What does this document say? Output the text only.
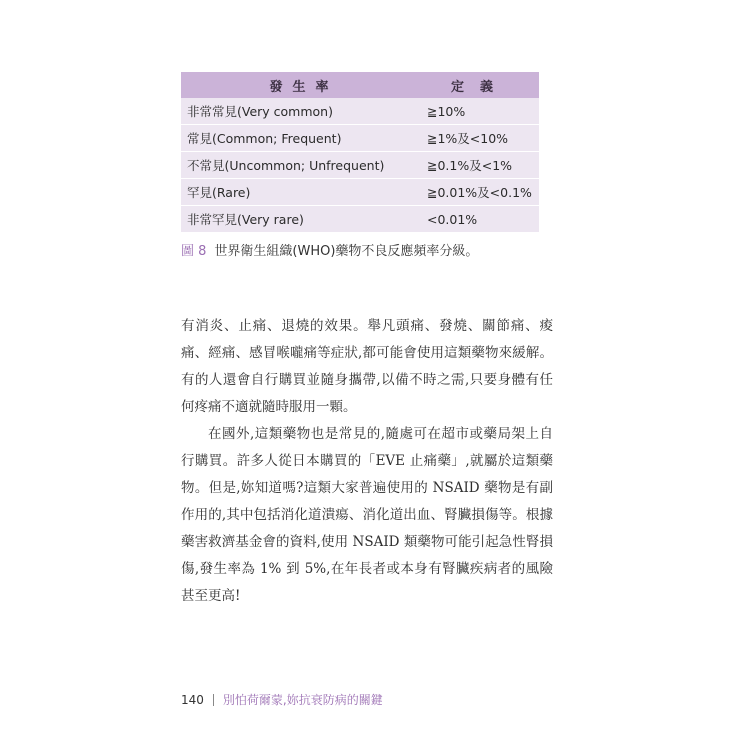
發生率	定義
非常常見(Very common)	≧10%
常見(Common; Frequent)	≧1%及<10%
不常見(Uncommon; Unfrequent)	≧0.1%及<1%
罕見(Rare)	≧0.01%及<0.1%
非常罕見(Very rare)	<0.01%
圖 8 世界衛生組織(WHO)藥物不良反應頻率分級。

有消炎、止痛、退燒的效果。舉凡頭痛、發燒、關節痛、痠痛、經痛、感冒喉嚨痛等症狀,都可能會使用這類藥物來緩解。有的人還會自行購買並隨身攜帶,以備不時之需,只要身體有任何疼痛不適就隨時服用一顆。

在國外,這類藥物也是常見的,隨處可在超市或藥局架上自行購買。許多人從日本購買的「EVE 止痛藥」,就屬於這類藥物。但是,妳知道嗎?這類大家普遍使用的 NSAID 藥物是有副作用的,其中包括消化道潰瘍、消化道出血、腎臟損傷等。根據藥害救濟基金會的資料,使用 NSAID 類藥物可能引起急性腎損傷,發生率為 1% 到 5%,在年長者或本身有腎臟疾病者的風險甚至更高!

140 別怕荷爾蒙,妳抗衰防病的關鍵
